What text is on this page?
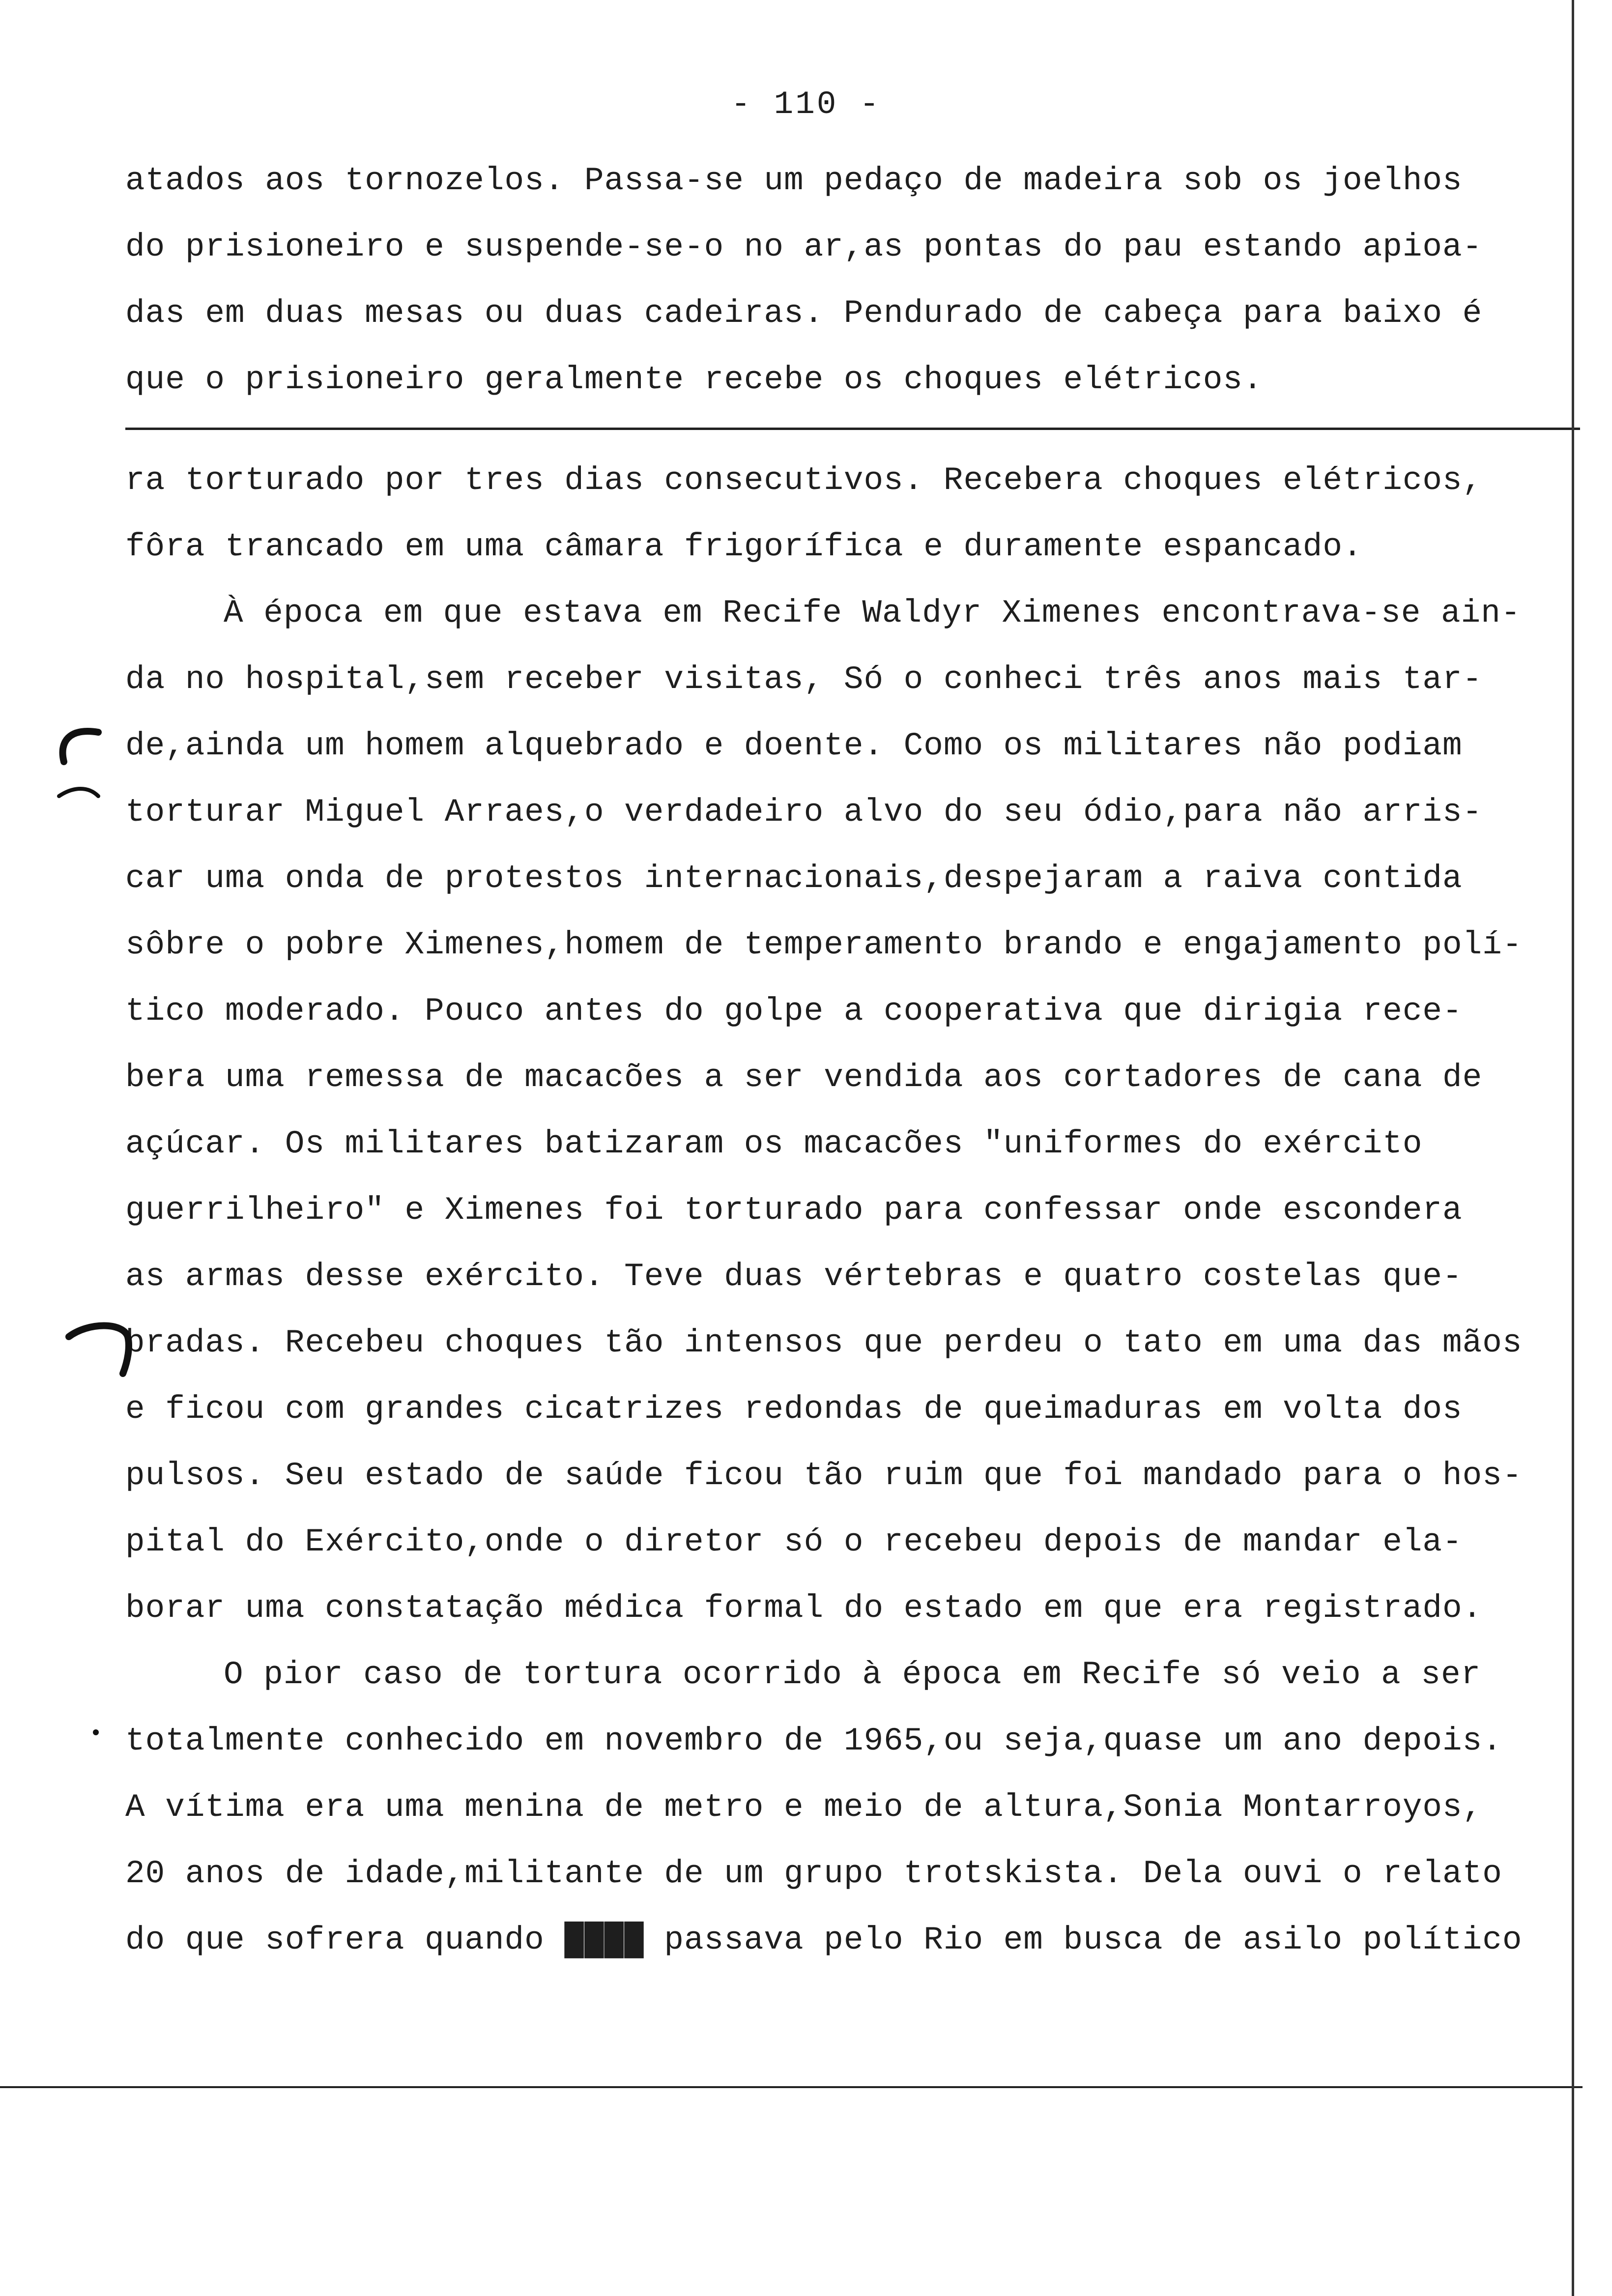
- 110 -
atados aos tornozelos. Passa-se um pedaço de madeira sob os joelhos
do prisioneiro e suspende-se-o no ar,as pontas do pau estando apioa-
das em duas mesas ou duas cadeiras. Pendurado de cabeça para baixo é
que o prisioneiro geralmente recebe os choques elétricos.
ra torturado por tres dias consecutivos. Recebera choques elétricos,
fôra trancado em uma câmara frigorífica e duramente espancado.
À época em que estava em Recife Waldyr Ximenes encontrava-se ain-
da no hospital,sem receber visitas, Só o conheci três anos mais tar-
de,ainda um homem alquebrado e doente. Como os militares não podiam
torturar Miguel Arraes,o verdadeiro alvo do seu ódio,para não arris-
car uma onda de protestos internacionais,despejaram a raiva contida
sôbre o pobre Ximenes,homem de temperamento brando e engajamento polí-
tico moderado. Pouco antes do golpe a cooperativa que dirigia rece-
bera uma remessa de macacões a ser vendida aos cortadores de cana de
açúcar. Os militares batizaram os macacões "uniformes do exército
guerrilheiro" e Ximenes foi torturado para confessar onde escondera
as armas desse exército. Teve duas vértebras e quatro costelas que-
bradas. Recebeu choques tão intensos que perdeu o tato em uma das mãos
e ficou com grandes cicatrizes redondas de queimaduras em volta dos
pulsos. Seu estado de saúde ficou tão ruim que foi mandado para o hos-
pital do Exército,onde o diretor só o recebeu depois de mandar ela-
borar uma constatação médica formal do estado em que era registrado.
O pior caso de tortura ocorrido à época em Recife só veio a ser
totalmente conhecido em novembro de 1965,ou seja,quase um ano depois.
A vítima era uma menina de metro e meio de altura,Sonia Montarroyos,
20 anos de idade,militante de um grupo trotskista. Dela ouvi o relato
do que sofrera quando ████ passava pelo Rio em busca de asilo político
